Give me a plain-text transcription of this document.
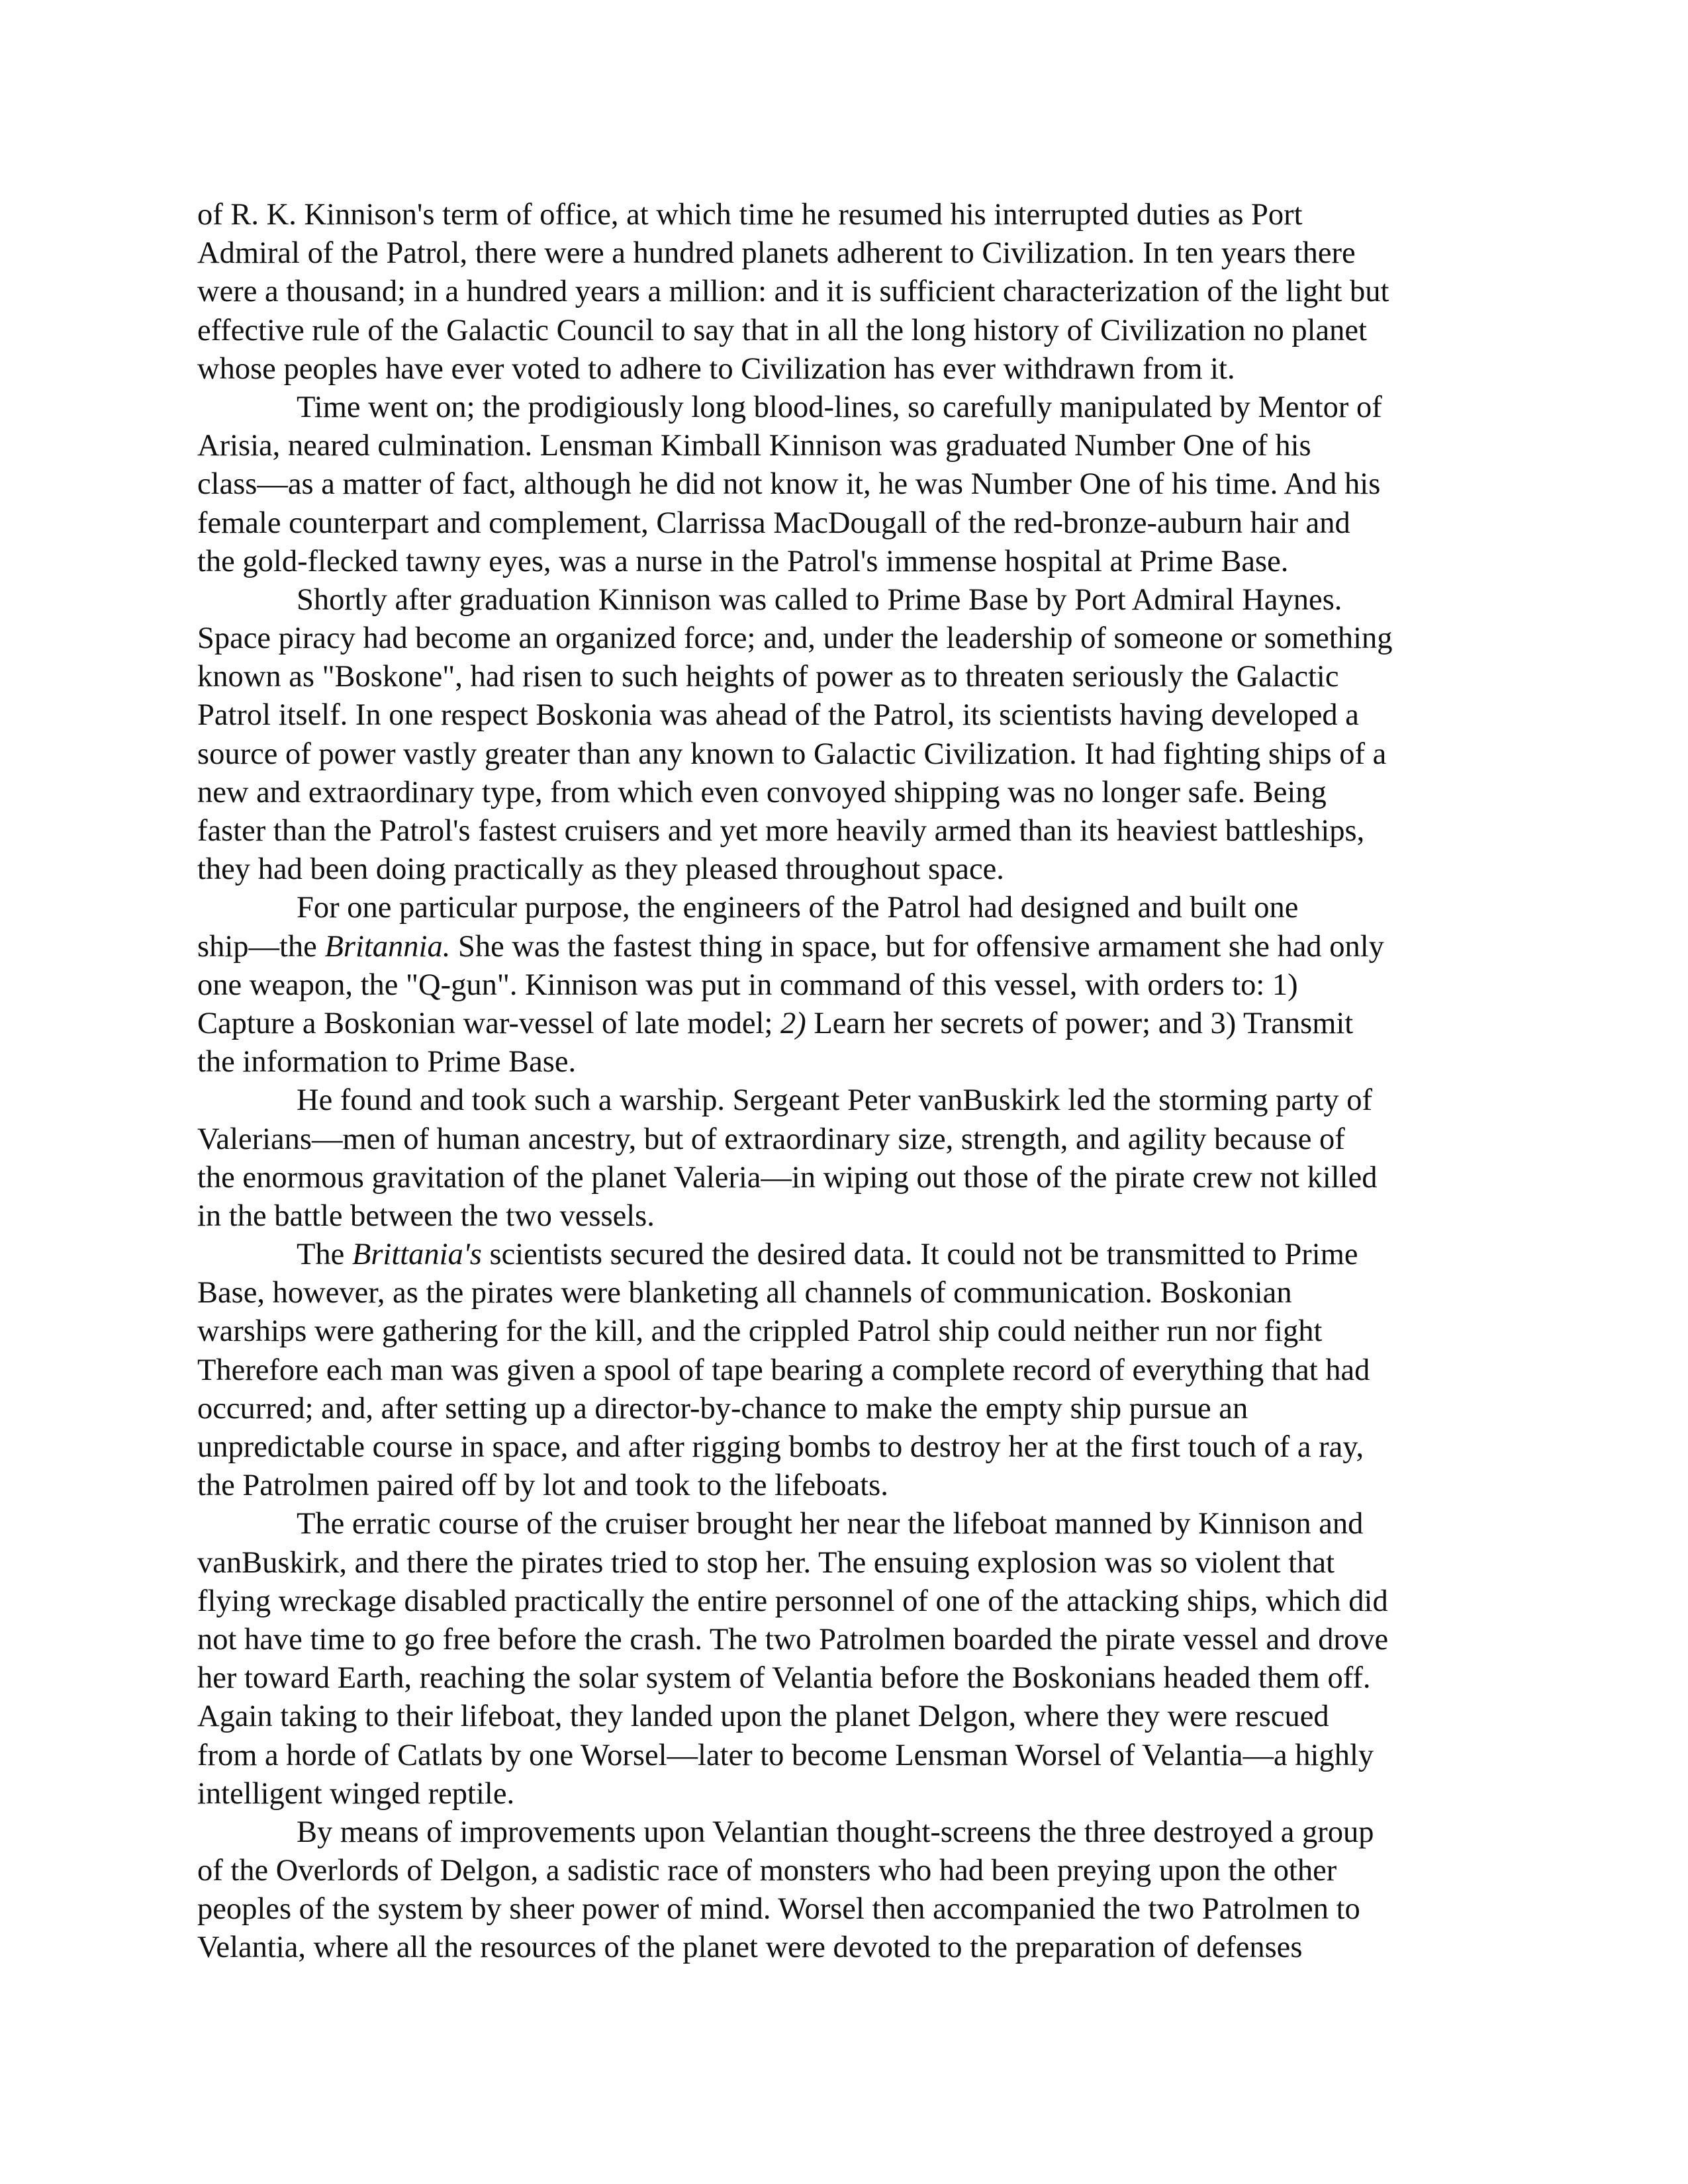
of R. K. Kinnison's term of office, at which time he resumed his interrupted duties as Port
Admiral of the Patrol, there were a hundred planets adherent to Civilization. In ten years there
were a thousand; in a hundred years a million: and it is sufficient characterization of the light but
effective rule of the Galactic Council to say that in all the long history of Civilization no planet
whose peoples have ever voted to adhere to Civilization has ever withdrawn from it.
Time went on; the prodigiously long blood-lines, so carefully manipulated by Mentor of
Arisia, neared culmination. Lensman Kimball Kinnison was graduated Number One of his
class—as a matter of fact, although he did not know it, he was Number One of his time. And his
female counterpart and complement, Clarrissa MacDougall of the red-bronze-auburn hair and
the gold-flecked tawny eyes, was a nurse in the Patrol's immense hospital at Prime Base.
Shortly after graduation Kinnison was called to Prime Base by Port Admiral Haynes.
Space piracy had become an organized force; and, under the leadership of someone or something
known as "Boskone", had risen to such heights of power as to threaten seriously the Galactic
Patrol itself. In one respect Boskonia was ahead of the Patrol, its scientists having developed a
source of power vastly greater than any known to Galactic Civilization. It had fighting ships of a
new and extraordinary type, from which even convoyed shipping was no longer safe. Being
faster than the Patrol's fastest cruisers and yet more heavily armed than its heaviest battleships,
they had been doing practically as they pleased throughout space.
For one particular purpose, the engineers of the Patrol had designed and built one
ship—the Britannia. She was the fastest thing in space, but for offensive armament she had only
one weapon, the "Q-gun". Kinnison was put in command of this vessel, with orders to: 1)
Capture a Boskonian war-vessel of late model; 2) Learn her secrets of power; and 3) Transmit
the information to Prime Base.
He found and took such a warship. Sergeant Peter vanBuskirk led the storming party of
Valerians—men of human ancestry, but of extraordinary size, strength, and agility because of
the enormous gravitation of the planet Valeria—in wiping out those of the pirate crew not killed
in the battle between the two vessels.
The Brittania's scientists secured the desired data. It could not be transmitted to Prime
Base, however, as the pirates were blanketing all channels of communication. Boskonian
warships were gathering for the kill, and the crippled Patrol ship could neither run nor fight
Therefore each man was given a spool of tape bearing a complete record of everything that had
occurred; and, after setting up a director-by-chance to make the empty ship pursue an
unpredictable course in space, and after rigging bombs to destroy her at the first touch of a ray,
the Patrolmen paired off by lot and took to the lifeboats.
The erratic course of the cruiser brought her near the lifeboat manned by Kinnison and
vanBuskirk, and there the pirates tried to stop her. The ensuing explosion was so violent that
flying wreckage disabled practically the entire personnel of one of the attacking ships, which did
not have time to go free before the crash. The two Patrolmen boarded the pirate vessel and drove
her toward Earth, reaching the solar system of Velantia before the Boskonians headed them off.
Again taking to their lifeboat, they landed upon the planet Delgon, where they were rescued
from a horde of Catlats by one Worsel—later to become Lensman Worsel of Velantia—a highly
intelligent winged reptile.
By means of improvements upon Velantian thought-screens the three destroyed a group
of the Overlords of Delgon, a sadistic race of monsters who had been preying upon the other
peoples of the system by sheer power of mind. Worsel then accompanied the two Patrolmen to
Velantia, where all the resources of the planet were devoted to the preparation of defenses
